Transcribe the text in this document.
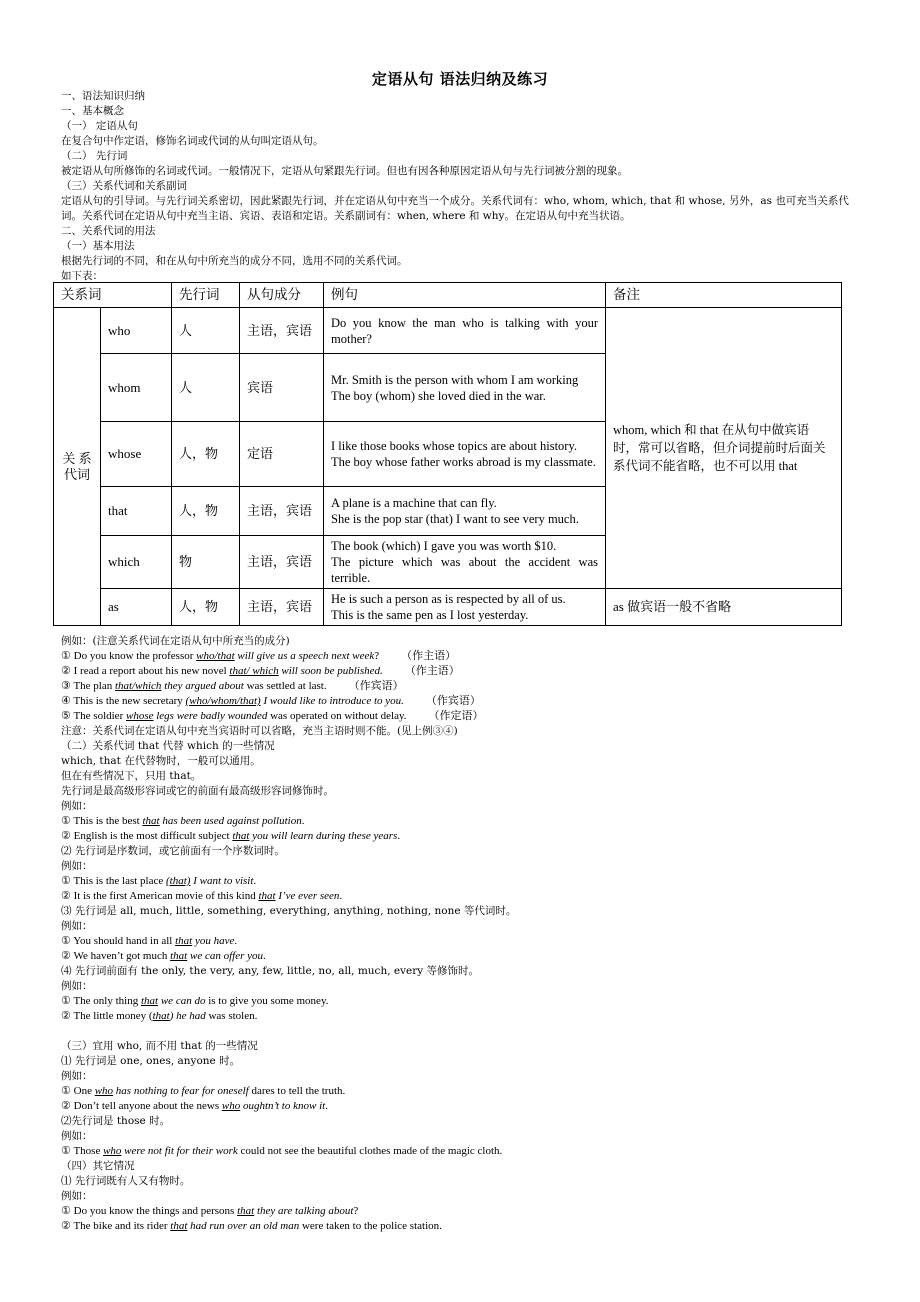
定语从句 语法归纳及练习
一、语法知识归纳
一、基本概念
（一） 定语从句
在复合句中作定语，修饰名词或代词的从句叫定语从句。
（二） 先行词
被定语从句所修饰的名词或代词。一般情况下，定语从句紧跟先行词。但也有因各种原因定语从句与先行词被分割的现象。
（三）关系代词和关系副词
定语从句的引导词。与先行词关系密切，因此紧跟先行词，并在定语从句中充当一个成分。关系代词有：who, whom, which, that 和 whose, 另外，as 也可充当关系代词。关系代词在定语从句中充当主语、宾语、表语和定语。关系副词有：when, where 和 why。在定语从句中充当状语。
二、关系代词的用法
（一）基本用法
根据先行词的不同，和在从句中所充当的成分不同，选用不同的关系代词。
如下表：
关系词		先行词	从句成分	例句	备注
关 系 代词	who	人	主语，宾语	Do you know the man who is talking with your mother?	whom, which 和 that 在从句中做宾语时，常可以省略，但介词提前时后面关系代词不能省略，也不可以用 that
	whom	人	宾语	Mr. Smith is the person with whom I am working
The boy (whom) she loved died in the war.	

	whose	人，物	定语	I like those books whose topics are about history.
The boy whose father works abroad is my classmate.	

	that	人，物	主语，宾语	A plane is a machine that can fly.
She is the pop star (that) I want to see very much.	

	which	物	主语，宾语	The book (which) I gave you was worth $10.
The picture which was about the accident was terrible.	

	as	人，物	主语，宾语	He is such a person as is respected by all of us.
This is the same pen as I lost yesterday.	as 做宾语一般不省略
例如：(注意关系代词在定语从句中所充当的成分)
① Do you know the professor who/that will give us a speech next week? （作主语）
② I read a report about his new novel that/ which will soon be published. （作主语）
③ The plan that/which they argued about was settled at last. （作宾语）
④ This is the new secretary (who/whom/that) I would like to introduce to you. （作宾语）
⑤ The soldier whose legs were badly wounded was operated on without delay. （作定语）
注意：关系代词在定语从句中充当宾语时可以省略，充当主语时则不能。(见上例③④)
（二）关系代词 that 代替 which 的一些情况
which, that 在代替物时，一般可以通用。
但在有些情况下，只用 that。
先行词是最高级形容词或它的前面有最高级形容词修饰时。
例如：
① This is the best that has been used against pollution.
② English is the most difficult subject that you will learn during these years.
⑵ 先行词是序数词，或它前面有一个序数词时。
例如：
① This is the last place (that) I want to visit.
② It is the first American movie of this kind that I’ve ever seen.
⑶ 先行词是 all, much, little, something, everything, anything, nothing, none 等代词时。
例如：
① You should hand in all that you have.
② We haven’t got much that we can offer you.
⑷ 先行词前面有 the only, the very, any, few, little, no, all, much, every 等修饰时。
例如：
① The only thing that we can do is to give you some money.
② The little money (that) he had was stolen.
（三）宜用 who, 而不用 that 的一些情况
⑴ 先行词是 one, ones, anyone 时。
例如：
① One who has nothing to fear for oneself dares to tell the truth.
② Don’t tell anyone about the news who oughtn’t to know it.
⑵先行词是 those 时。
例如：
① Those who were not fit for their work could not see the beautiful clothes made of the magic cloth.
（四）其它情况
⑴ 先行词既有人又有物时。
例如：
① Do you know the things and persons that they are talking about?
② The bike and its rider that had run over an old man were taken to the police station.
